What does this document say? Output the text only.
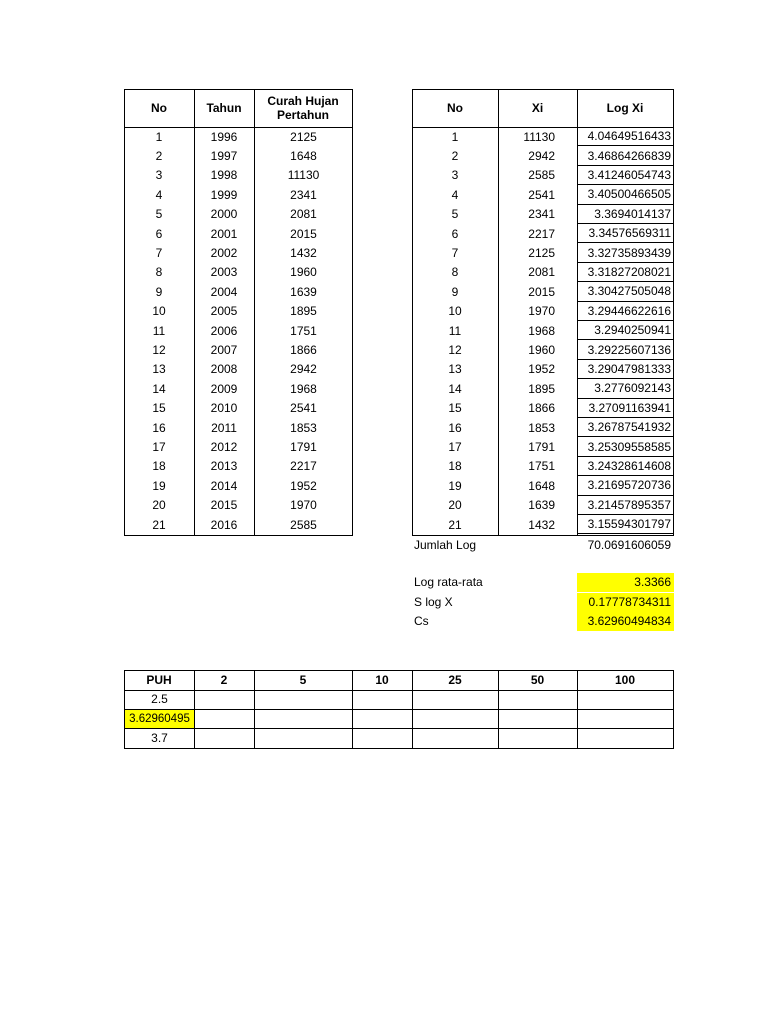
No	Tahun	Curah Hujan Pertahun
1	1996	2125
2	1997	1648
3	1998	11130
4	1999	2341
5	2000	2081
6	2001	2015
7	2002	1432
8	2003	1960
9	2004	1639
10	2005	1895
11	2006	1751
12	2007	1866
13	2008	2942
14	2009	1968
15	2010	2541
16	2011	1853
17	2012	1791
18	2013	2217
19	2014	1952
20	2015	1970
21	2016	2585
No	Xi	Log Xi
1	11130	4.04649516433
2	2942	3.46864266839
3	2585	3.41246054743
4	2541	3.40500466505
5	2341	3.3694014137
6	2217	3.34576569311
7	2125	3.32735893439
8	2081	3.31827208021
9	2015	3.30427505048
10	1970	3.29446622616
11	1968	3.2940250941
12	1960	3.29225607136
13	1952	3.29047981333
14	1895	3.2776092143
15	1866	3.27091163941
16	1853	3.26787541932
17	1791	3.25309558585
18	1751	3.24328614608
19	1648	3.21695720736
20	1639	3.21457895357
21	1432	3.15594301797
Jumlah Log	70.0691606059
Log rata-rata	3.3366
S log X	0.17778734311
Cs	3.62960494834
PUH	2	5	10	25	50	100
2.5
3.62960495
3.7
